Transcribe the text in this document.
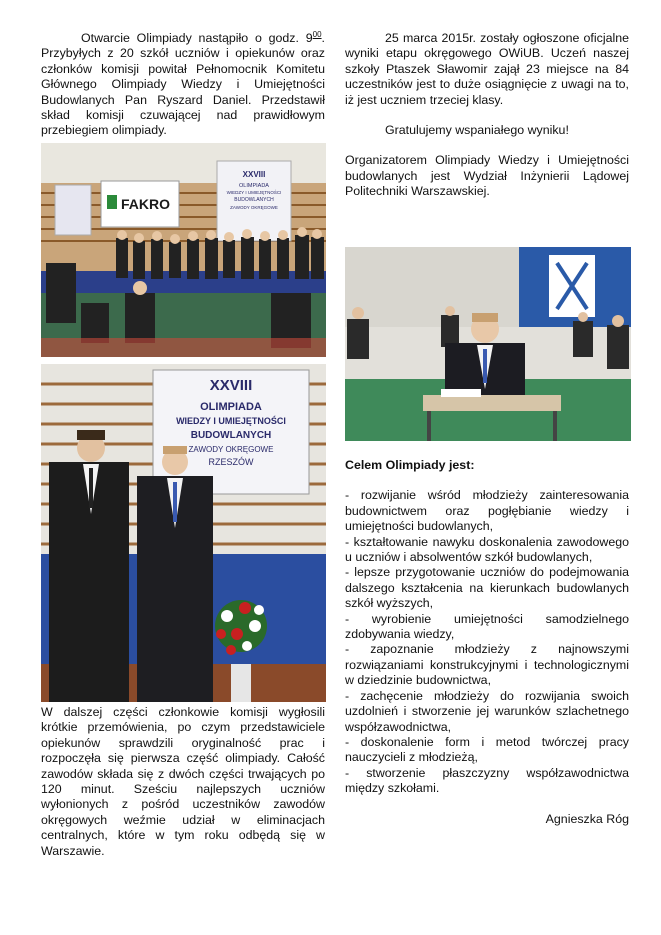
Otwarcie Olimpiady nastąpiło o godz. $9^{00}$. Przybyłych z 20 szkół uczniów i opiekunów oraz członków komisji powitał Pełnomocnik Komitetu Głównego Olimpiady Wiedzy i Umiejętności Budowlanych Pan Ryszard Daniel. Przedstawił skład komisji czuwającej nad prawidłowym przebiegiem olimpiady.

FAKRO
XXVIII
OLIMPIADA
WIEDZY I UMIEJĘTNOŚCI
BUDOWLANYCH
ZAWODY OKRĘGOWE
XXVIII
OLIMPIADA
WIEDZY I UMIEJĘTNOŚCI
BUDOWLANYCH
ZAWODY OKRĘGOWE
RZESZÓW

W dalszej części członkowie komisji wygłosili krótkie przemówienia, po czym przedstawiciele opiekunów sprawdzili oryginalność prac i rozpoczęła się pierwsza część olimpiady. Całość zawodów składa się z dwóch części trwających po 120 minut. Sześciu najlepszych uczniów wyłonionych z pośród uczestników zawodów okręgowych weźmie udział w eliminacjach centralnych, które w tym roku odbędą się w Warszawie.

25 marca 2015r. zostały ogłoszone oficjalne wyniki etapu okręgowego OWiUB. Uczeń naszej szkoły Ptaszek Sławomir zajął 23 miejsce na 84 uczestników jest to duże osiągnięcie z uwagi na to, iż jest uczniem trzeciej klasy.

Gratulujemy wspaniałego wyniku!

Organizatorem Olimpiady Wiedzy i Umiejętności budowlanych jest Wydział Inżynierii Lądowej Politechniki Warszawskiej.

Celem Olimpiady jest:

- rozwijanie wśród młodzieży zainteresowania budownictwem oraz pogłębianie wiedzy i umiejętności budowlanych,

- kształtowanie nawyku doskonalenia zawodowego u uczniów i absolwentów szkół budowlanych,

- lepsze przygotowanie uczniów do podejmowania dalszego kształcenia na kierunkach budowlanych szkół wyższych,

- wyrobienie umiejętności samodzielnego zdobywania wiedzy,

- zapoznanie młodzieży z najnowszymi rozwiązaniami konstrukcyjnymi i technologicznymi w dziedzinie budownictwa,

- zachęcenie młodzieży do rozwijania swoich uzdolnień i stworzenie jej warunków szlachetnego współzawodnictwa,

- doskonalenie form i metod twórczej pracy nauczycieli z młodzieżą,

- stworzenie płaszczyzny współzawodnictwa między szkołami.

Agnieszka Róg
